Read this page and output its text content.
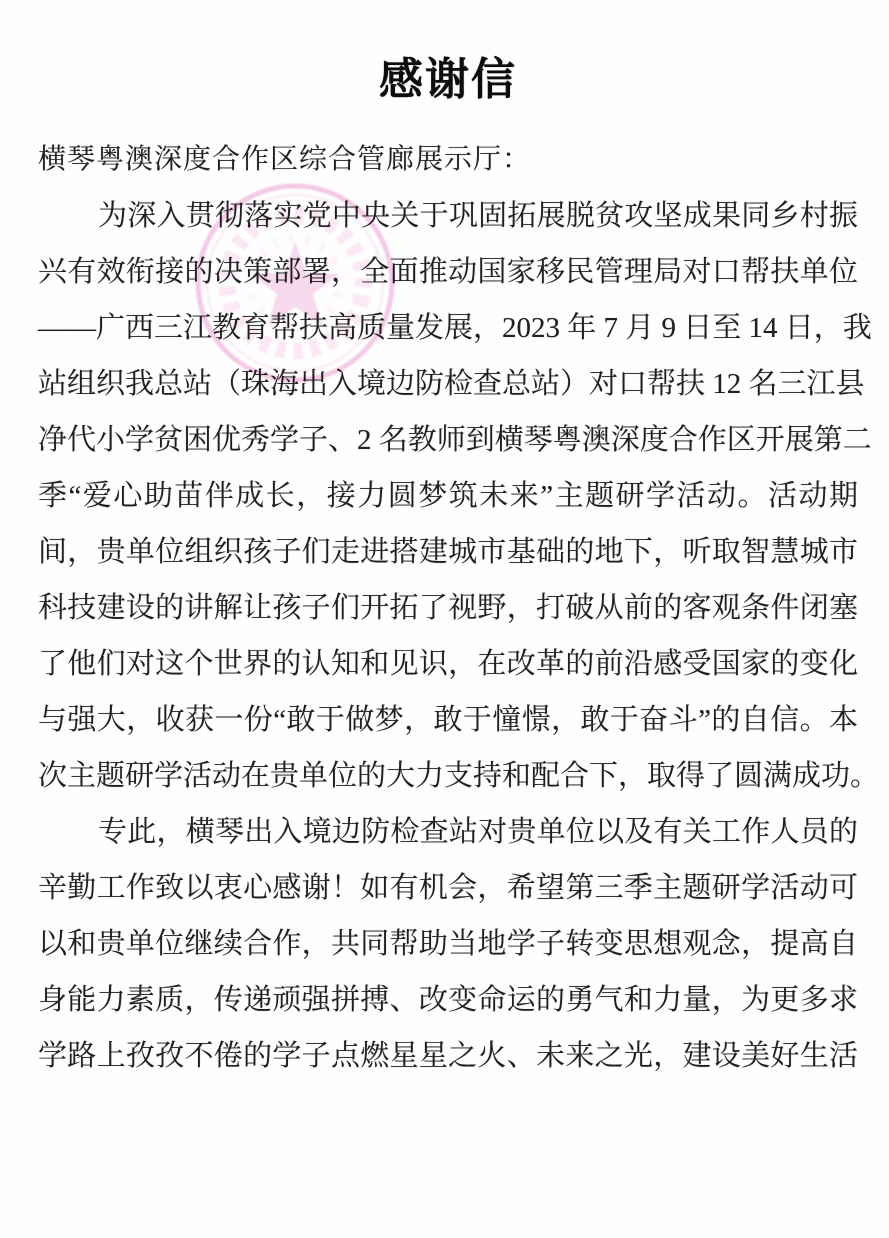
感谢信
横琴粤澳深度合作区综合管廊展示厅：
为深入贯彻落实党中央关于巩固拓展脱贫攻坚成果同乡村振
兴有效衔接的决策部署，全面推动国家移民管理局对口帮扶单位
——广西三江教育帮扶高质量发展，2023 年 7 月 9 日至 14 日，我
站组织我总站（珠海出入境边防检查总站）对口帮扶 12 名三江县
净代小学贫困优秀学子、2 名教师到横琴粤澳深度合作区开展第二
季“爱心助苗伴成长，接力圆梦筑未来”主题研学活动。活动期
间，贵单位组织孩子们走进搭建城市基础的地下，听取智慧城市
科技建设的讲解让孩子们开拓了视野，打破从前的客观条件闭塞
了他们对这个世界的认知和见识，在改革的前沿感受国家的变化
与强大，收获一份“敢于做梦，敢于憧憬，敢于奋斗”的自信。本
次主题研学活动在贵单位的大力支持和配合下，取得了圆满成功。
专此，横琴出入境边防检查站对贵单位以及有关工作人员的
辛勤工作致以衷心感谢！如有机会，希望第三季主题研学活动可
以和贵单位继续合作，共同帮助当地学子转变思想观念，提高自
身能力素质，传递顽强拼搏、改变命运的勇气和力量，为更多求
学路上孜孜不倦的学子点燃星星之火、未来之光，建设美好生活
